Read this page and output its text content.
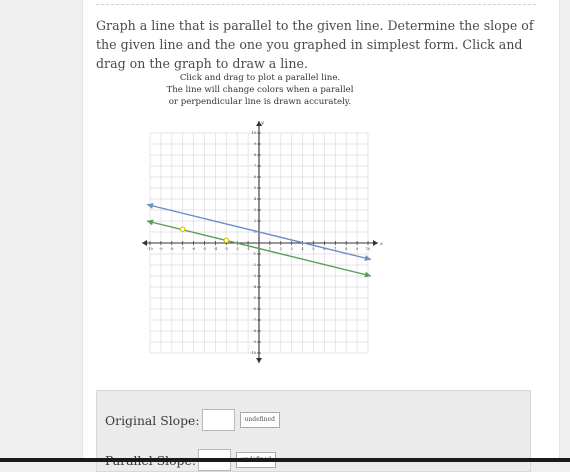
Graph a line that is parallel to the given line. Determine the slope of the given line and the one you graphed in simplest form. Click and drag on the graph to draw a line.
Click and drag to plot a parallel line.
The line will change colors when a parallel
or perpendicular line is drawn accurately.
x
y
-10 -9 -8 -7 -6 -5 -4 -3 -2 -1	1	2	3	4	5	6	7	8	9 10
-10
-9
-8
-7
-6
-5
-4
-3
-2
-1
1
2
3
4
5
6
7
8
9
10
Original Slope:	undefined
